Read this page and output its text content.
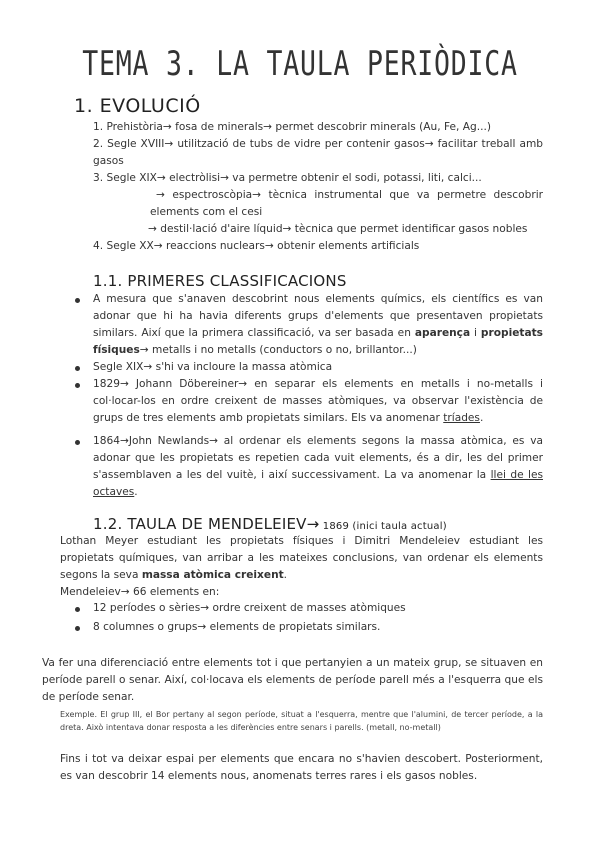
TEMA 3. LA TAULA PERIÒDICA
1. EVOLUCIÓ
1. Prehistòria→ fosa de minerals→ permet descobrir minerals (Au, Fe, Ag...)
2. Segle XVIII→ utilització de tubs de vidre per contenir gasos→ facilitar treball amb gasos
3. Segle XIX→ electròlisi→ va permetre obtenir el sodi, potassi, liti, calci...
→ espectroscòpia→ tècnica instrumental que va permetre descobrir elements com el cesi
→ destil·lació d'aire líquid→ tècnica que permet identificar gasos nobles
4. Segle XX→ reaccions nuclears→ obtenir elements artificials
1.1. PRIMERES CLASSIFICACIONS
A mesura que s'anaven descobrint nous elements químics, els científics es van adonar que hi ha havia diferents grups d'elements que presentaven propietats similars. Així que la primera classificació, va ser basada en aparença i propietats físiques→ metalls i no metalls (conductors o no, brillantor...)
Segle XIX→ s'hi va incloure la massa atòmica
1829→ Johann Döbereiner→ en separar els elements en metalls i no-metalls i col·locar-los en ordre creixent de masses atòmiques, va observar l'existència de grups de tres elements amb propietats similars. Els va anomenar tríades.
1864→John Newlands→ al ordenar els elements segons la massa atòmica, es va adonar que les propietats es repetien cada vuit elements, és a dir, les del primer s'assemblaven a les del vuitè, i així successivament. La va anomenar la llei de les octaves.
1.2. TAULA DE MENDELEIEV→ 1869 (inici taula actual)
Lothan Meyer estudiant les propietats físiques i Dimitri Mendeleiev estudiant les propietats químiques, van arribar a les mateixes conclusions, van ordenar els elements segons la seva massa atòmica creixent.
Mendeleiev→ 66 elements en:
12 períodes o sèries→ ordre creixent de masses atòmiques
8 columnes o grups→ elements de propietats similars.
Va fer una diferenciació entre elements tot i que pertanyien a un mateix grup, se situaven en període parell o senar. Així, col·locava els elements de període parell més a l'esquerra que els de període senar.
Exemple. El grup III, el Bor pertany al segon període, situat a l'esquerra, mentre que l'alumini, de tercer període, a la dreta. Això intentava donar resposta a les diferències entre senars i parells. (metall, no-metall)
Fins i tot va deixar espai per elements que encara no s'havien descobert. Posteriorment, es van descobrir 14 elements nous, anomenats terres rares i els gasos nobles.
